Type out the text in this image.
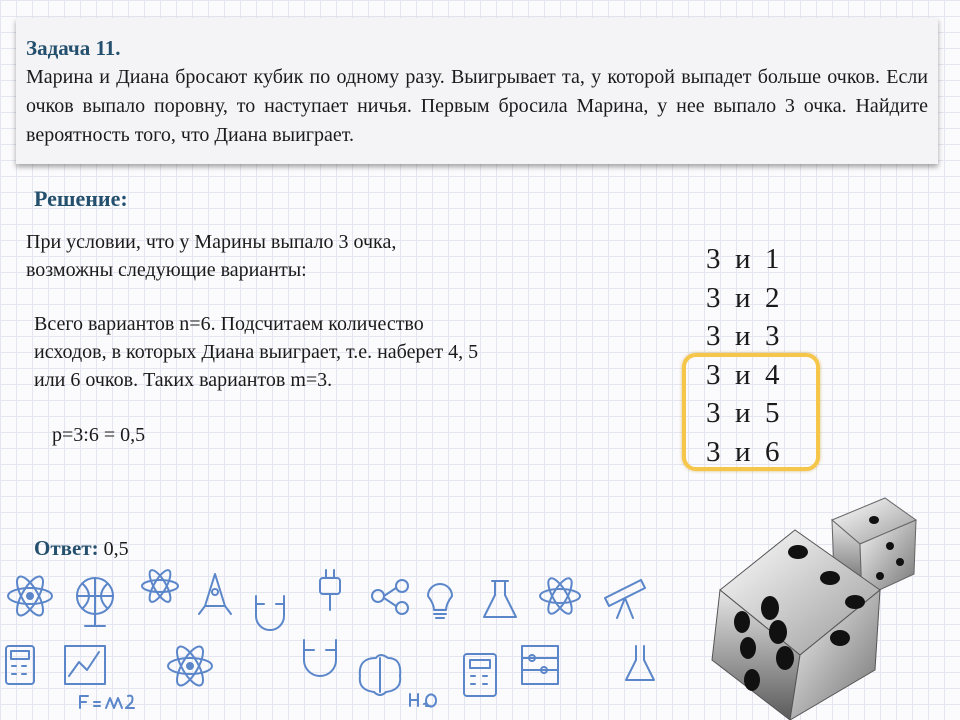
Задача 11.

Марина и Диана бросают кубик по одному разу. Выигрывает та, у которой выпадет больше очков. Если очков выпало поровну, то наступает ничья. Первым бросила Марина, у нее выпало 3 очка. Найдите вероятность того, что Диана выиграет.

Решение:
При условии, что у Марины выпало 3 очка,
возможны следующие варианты:
Всего вариантов n=6. Подсчитаем количество
исходов, в которых Диана выиграет, т.е. наберет 4, 5
или 6 очков. Таких вариантов m=3.
p=3:6 = 0,5
Ответ: 0,5
3  и  1
3  и  2
3  и  3
3  и  4
3  и  5
3  и  6
